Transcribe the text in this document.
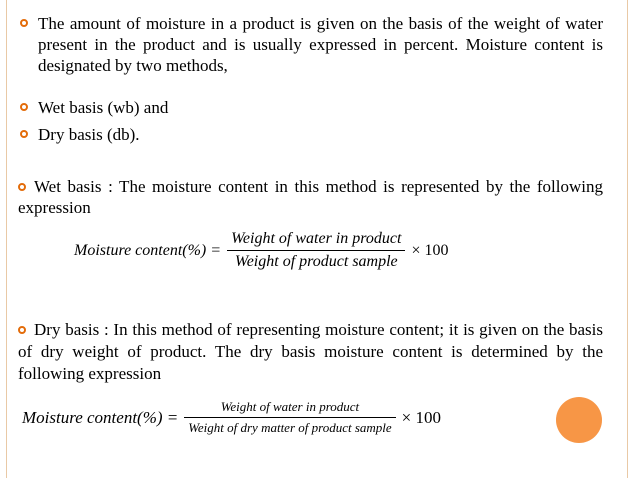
The amount of moisture in a product is given on the basis of the weight of water present in the product and is usually expressed in percent. Moisture content is designated by two methods,
Wet basis (wb) and
Dry basis (db).
Wet basis : The moisture content in this method is represented by the following expression
Moisture content(%) = $\frac{\text{Weight of water in product}}{\text{Weight of product sample}} \times 100$
Dry basis : In this method of representing moisture content; it is given on the basis of dry weight of product. The dry basis moisture content is determined by the following expression
Moisture content(%) = $\frac{\text{Weight of water in product}}{\text{Weight of dry matter of product sample}} \times 100$
